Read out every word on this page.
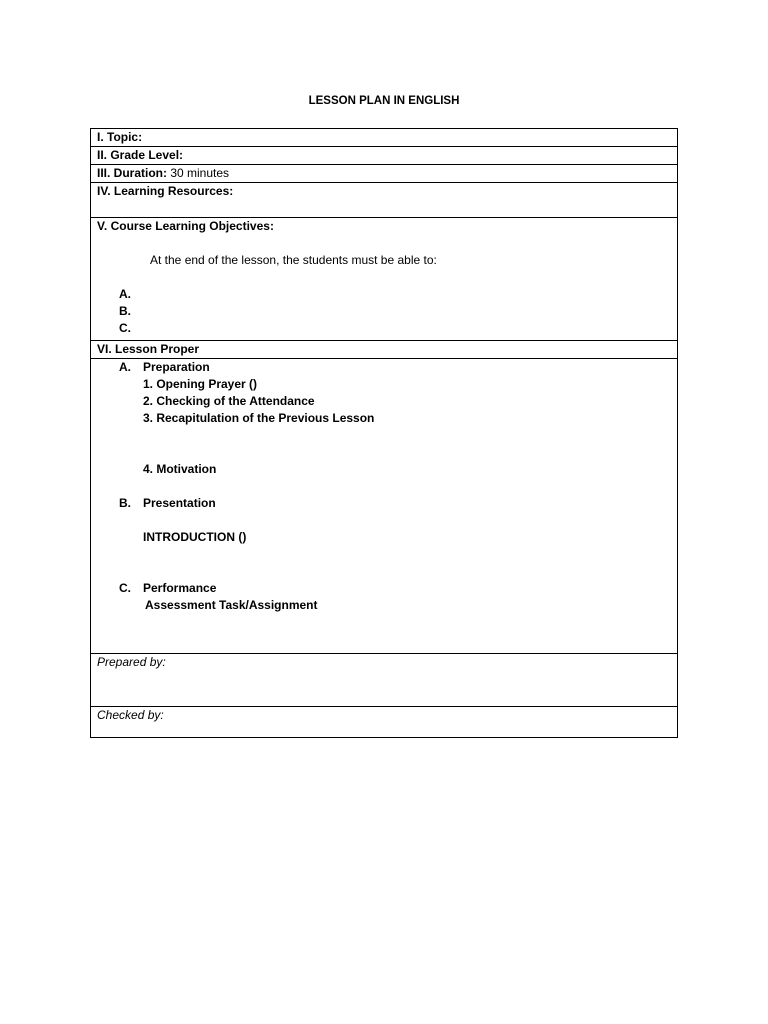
LESSON PLAN IN ENGLISH
I. Topic:
II. Grade Level:
III. Duration: 30 minutes
IV. Learning Resources:

V. Course Learning Objectives:
At the end of the lesson, the students must be able to:
A.
B.
C.

VI. Lesson Proper

A. Preparation
1. Opening Prayer ()
2. Checking of the Attendance
3. Recapitulation of the Previous Lesson
4. Motivation
B. Presentation
INTRODUCTION ()
C. Performance
Assessment Task/Assignment

Prepared by:
Checked by:
